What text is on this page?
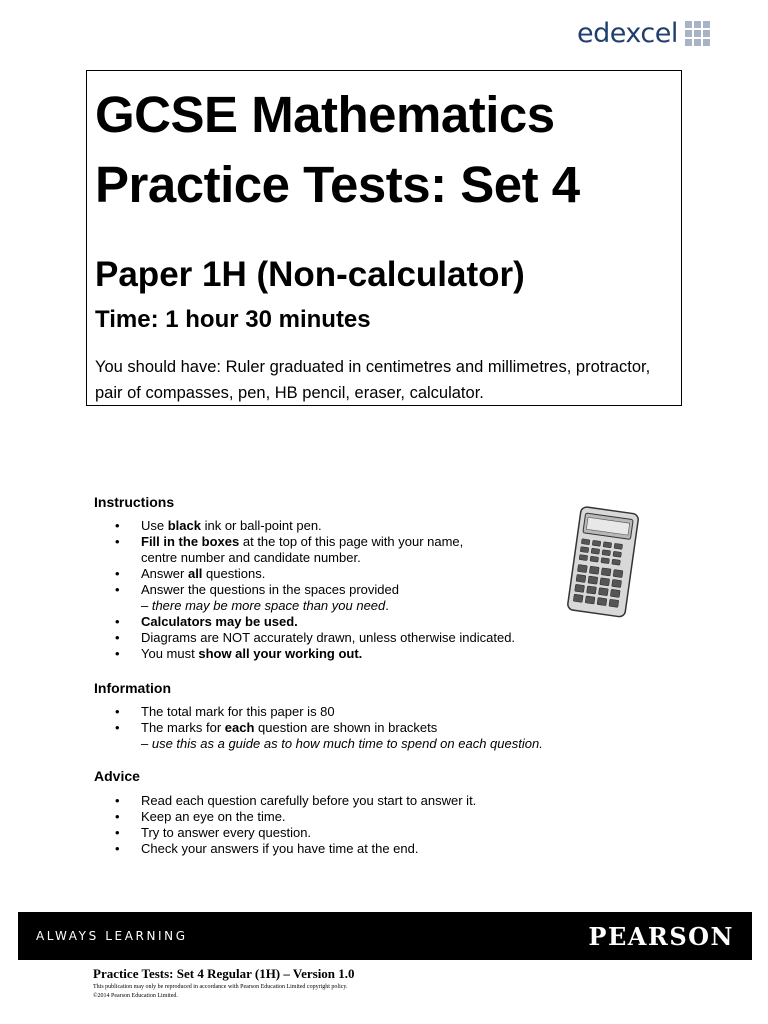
edexcel
GCSE Mathematics
Practice Tests: Set 4
Paper 1H (Non-calculator)
Time: 1 hour 30 minutes
You should have: Ruler graduated in centimetres and millimetres, protractor, pair of compasses, pen, HB pencil, eraser, calculator.
Instructions
• Use black ink or ball-point pen.
• Fill in the boxes at the top of this page with your name,
centre number and candidate number.
• Answer all questions.
• Answer the questions in the spaces provided
– there may be more space than you need.
• Calculators may be used.
• Diagrams are NOT accurately drawn, unless otherwise indicated.
• You must show all your working out.
Information
• The total mark for this paper is 80
• The marks for each question are shown in brackets
– use this as a guide as to how much time to spend on each question.
Advice
• Read each question carefully before you start to answer it.
• Keep an eye on the time.
• Try to answer every question.
• Check your answers if you have time at the end.
ALWAYS LEARNING	PEARSON
Practice Tests: Set 4 Regular (1H) – Version 1.0
This publication may only be reproduced in accordance with Pearson Education Limited copyright policy.
©2014 Pearson Education Limited.
